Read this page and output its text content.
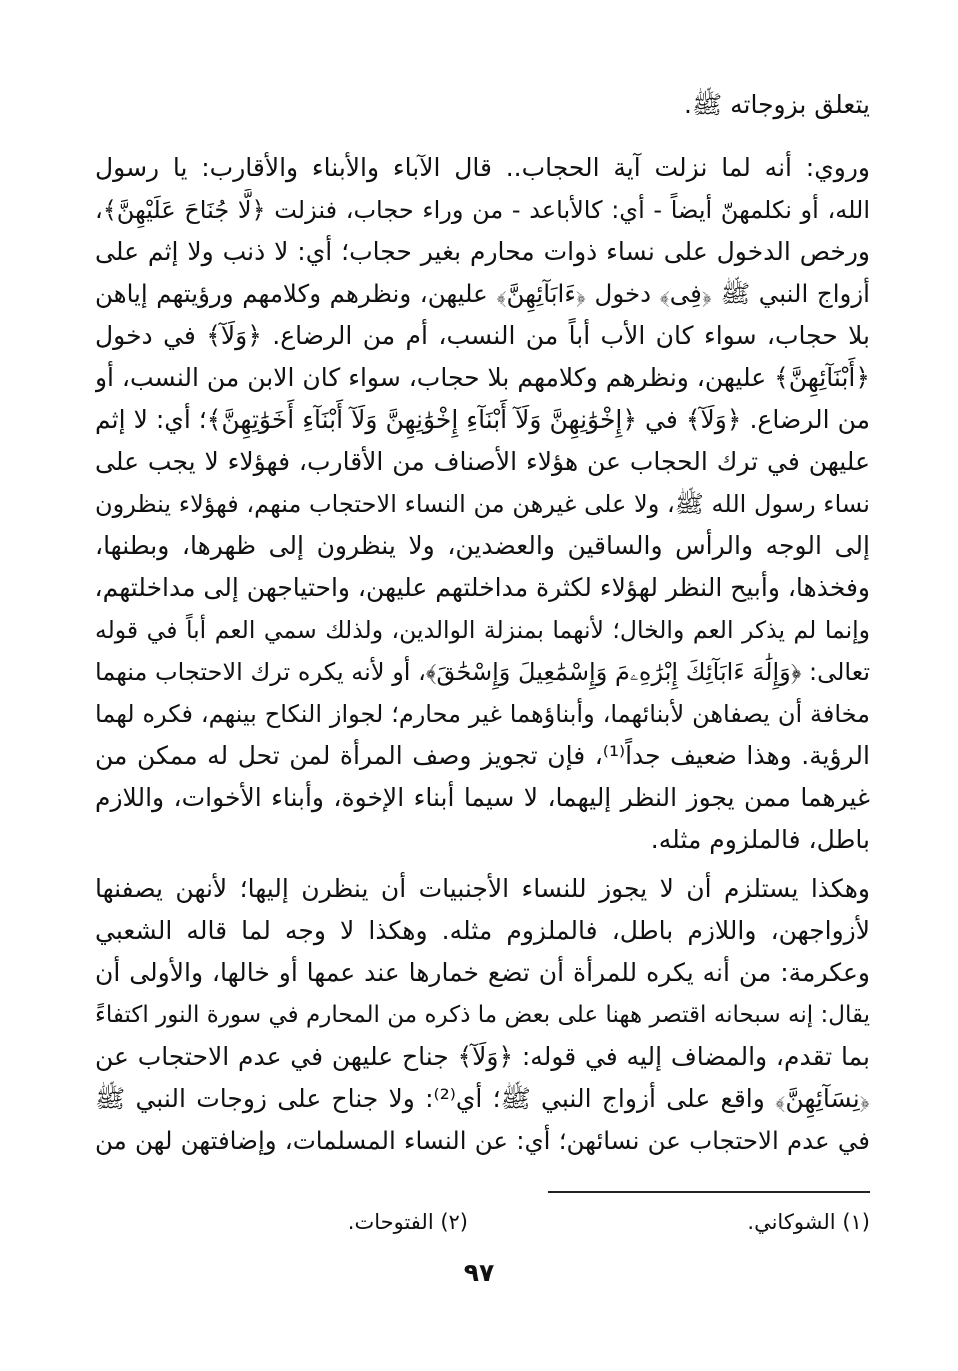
يتعلق بزوجاته ﷺ.
وروي: أنه لما نزلت آية الحجاب.. قال الآباء والأبناء والأقارب: يا رسول
الله، أو نكلمهنّ أيضاً - أي: كالأباعد - من وراء حجاب، فنزلت ﴿لَّا جُنَاحَ عَلَيْهِنَّ﴾،
ورخص الدخول على نساء ذوات محارم بغير حجاب؛ أي: لا ذنب ولا إثم على
أزواج النبي ﷺ ﴿فِى﴾ دخول ﴿ءَابَآئِهِنَّ﴾ عليهن، ونظرهم وكلامهم ورؤيتهم إياهن
بلا حجاب، سواء كان الأب أباً من النسب، أم من الرضاع. ﴿وَلَآ﴾ في دخول
﴿أَبْنَآئِهِنَّ﴾ عليهن، ونظرهم وكلامهم بلا حجاب، سواء كان الابن من النسب، أو
من الرضاع. ﴿وَلَآ﴾ في ﴿إِخْوَٰنِهِنَّ وَلَآ أَبْنَآءِ إِخْوَٰنِهِنَّ وَلَآ أَبْنَآءِ أَخَوَٰتِهِنَّ﴾؛ أي: لا إثم
عليهن في ترك الحجاب عن هؤلاء الأصناف من الأقارب، فهؤلاء لا يجب على
نساء رسول الله ﷺ، ولا على غيرهن من النساء الاحتجاب منهم، فهؤلاء ينظرون
إلى الوجه والرأس والساقين والعضدين، ولا ينظرون إلى ظهرها، وبطنها،
وفخذها، وأبيح النظر لهؤلاء لكثرة مداخلتهم عليهن، واحتياجهن إلى مداخلتهم،
وإنما لم يذكر العم والخال؛ لأنهما بمنزلة الوالدين، ولذلك سمي العم أباً في قوله
تعالى: ﴿وَإِلَٰهَ ءَابَآئِكَ إِبْرَٰهِۦمَ وَإِسْمَٰعِيلَ وَإِسْحَٰقَ﴾، أو لأنه يكره ترك الاحتجاب منهما
مخافة أن يصفاهن لأبنائهما، وأبناؤهما غير محارم؛ لجواز النكاح بينهم، فكره لهما
الرؤية. وهذا ضعيف جداً⁽¹⁾، فإن تجويز وصف المرأة لمن تحل له ممكن من
غيرهما ممن يجوز النظر إليهما، لا سيما أبناء الإخوة، وأبناء الأخوات، واللازم
باطل، فالملزوم مثله.
وهكذا يستلزم أن لا يجوز للنساء الأجنبيات أن ينظرن إليها؛ لأنهن يصفنها
لأزواجهن، واللازم باطل، فالملزوم مثله. وهكذا لا وجه لما قاله الشعبي
وعكرمة: من أنه يكره للمرأة أن تضع خمارها عند عمها أو خالها، والأولى أن
يقال: إنه سبحانه اقتصر ههنا على بعض ما ذكره من المحارم في سورة النور اكتفاءً
بما تقدم، والمضاف إليه في قوله: ﴿وَلَآ﴾ جناح عليهن في عدم الاحتجاب عن
﴿نِسَآئِهِنَّ﴾ واقع على أزواج النبي ﷺ؛ أي⁽²⁾: ولا جناح على زوجات النبي ﷺ
في عدم الاحتجاب عن نسائهن؛ أي: عن النساء المسلمات، وإضافتهن لهن من
(١) الشوكاني.
(٢) الفتوحات.
٩٧
